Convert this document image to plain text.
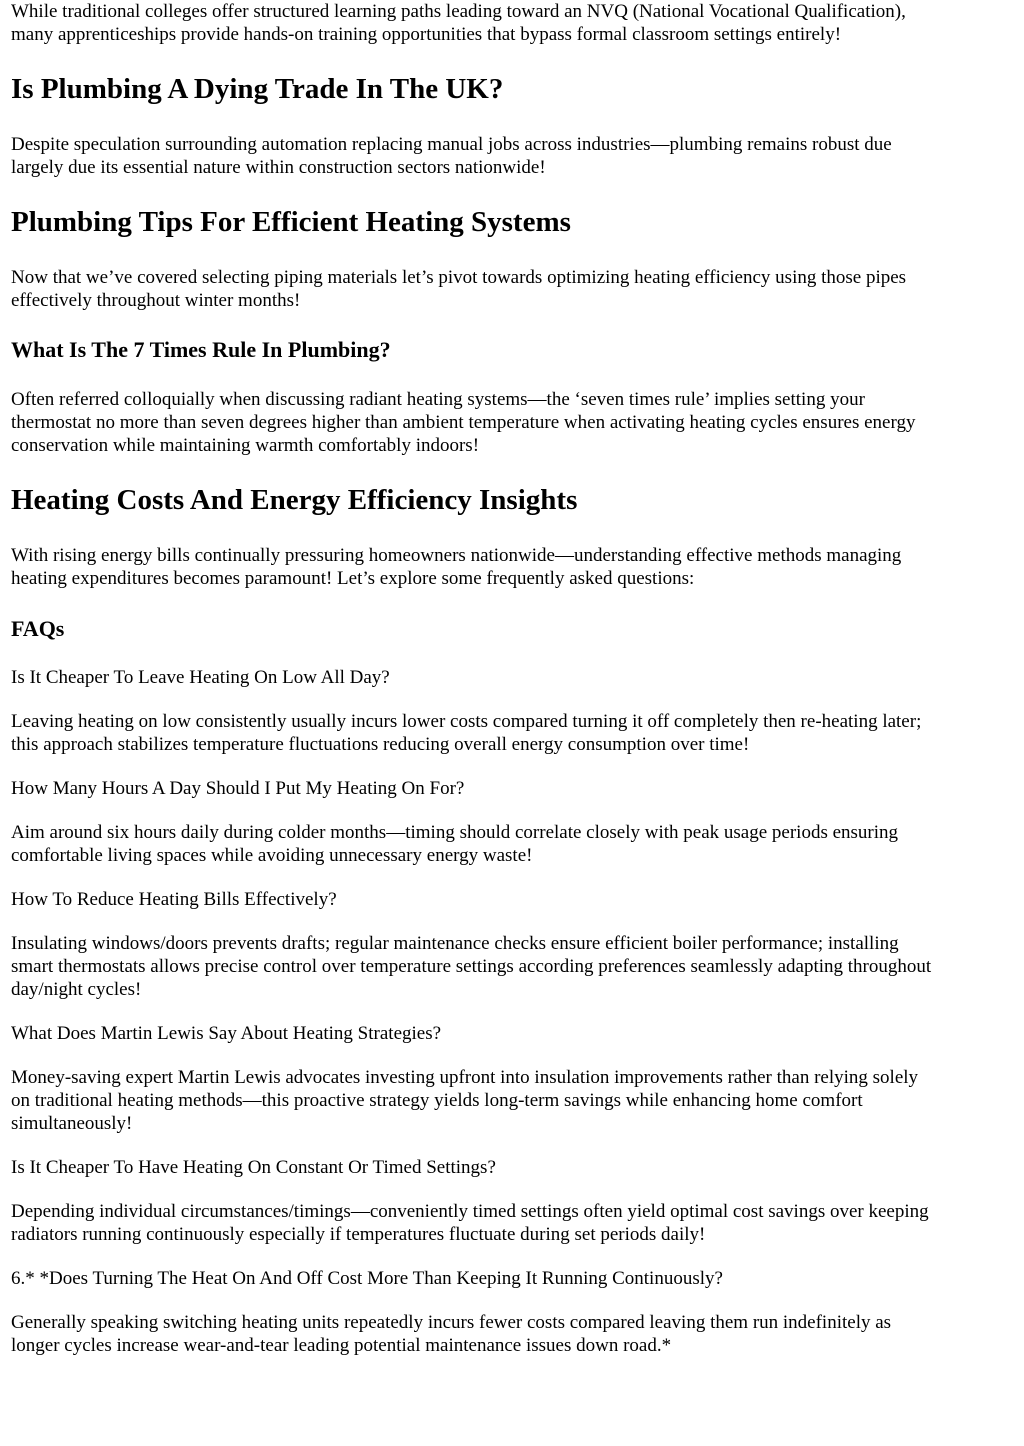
While traditional colleges offer structured learning paths leading toward an NVQ (National Vocational Qualification),
many apprenticeships provide hands-on training opportunities that bypass formal classroom settings entirely!

Is Plumbing A Dying Trade In The UK?

Despite speculation surrounding automation replacing manual jobs across industries—plumbing remains robust due
largely due its essential nature within construction sectors nationwide!

Plumbing Tips For Efficient Heating Systems

Now that we’ve covered selecting piping materials let’s pivot towards optimizing heating efficiency using those pipes
effectively throughout winter months!

What Is The 7 Times Rule In Plumbing?

Often referred colloquially when discussing radiant heating systems—the ‘seven times rule’ implies setting your
thermostat no more than seven degrees higher than ambient temperature when activating heating cycles ensures energy
conservation while maintaining warmth comfortably indoors!

Heating Costs And Energy Efficiency Insights

With rising energy bills continually pressuring homeowners nationwide—understanding effective methods managing
heating expenditures becomes paramount! Let’s explore some frequently asked questions:

FAQs

Is It Cheaper To Leave Heating On Low All Day?

Leaving heating on low consistently usually incurs lower costs compared turning it off completely then re-heating later;
this approach stabilizes temperature fluctuations reducing overall energy consumption over time!

How Many Hours A Day Should I Put My Heating On For?

Aim around six hours daily during colder months—timing should correlate closely with peak usage periods ensuring
comfortable living spaces while avoiding unnecessary energy waste!

How To Reduce Heating Bills Effectively?

Insulating windows/doors prevents drafts; regular maintenance checks ensure efficient boiler performance; installing
smart thermostats allows precise control over temperature settings according preferences seamlessly adapting throughout
day/night cycles!

What Does Martin Lewis Say About Heating Strategies?

Money-saving expert Martin Lewis advocates investing upfront into insulation improvements rather than relying solely
on traditional heating methods—this proactive strategy yields long-term savings while enhancing home comfort
simultaneously!

Is It Cheaper To Have Heating On Constant Or Timed Settings?

Depending individual circumstances/timings—conveniently timed settings often yield optimal cost savings over keeping
radiators running continuously especially if temperatures fluctuate during set periods daily!

6.* *Does Turning The Heat On And Off Cost More Than Keeping It Running Continuously?

Generally speaking switching heating units repeatedly incurs fewer costs compared leaving them run indefinitely as
longer cycles increase wear-and-tear leading potential maintenance issues down road.*
